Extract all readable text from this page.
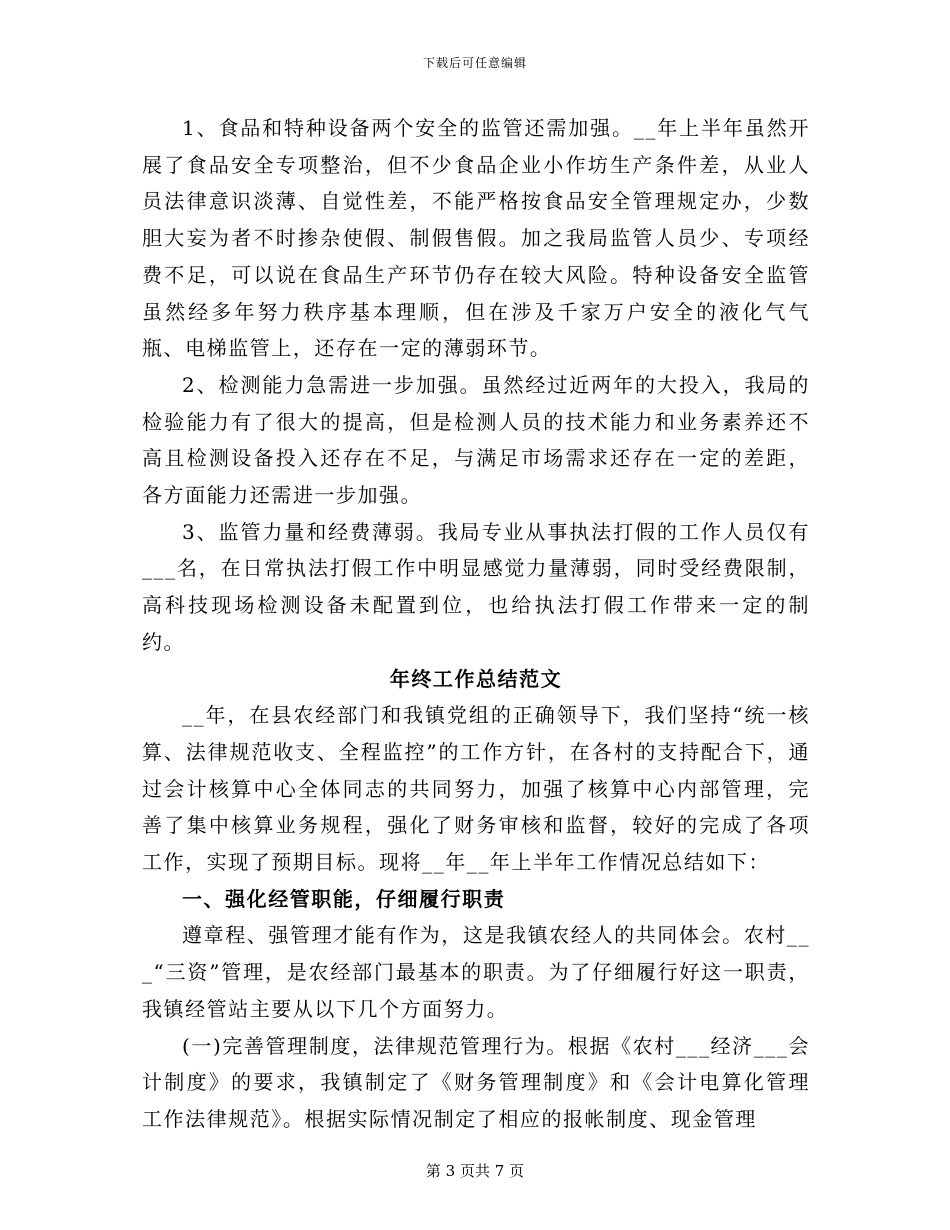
下载后可任意编辑

1、食品和特种设备两个安全的监管还需加强。__年上半年虽然开展了食品安全专项整治，但不少食品企业小作坊生产条件差，从业人员法律意识淡薄、自觉性差，不能严格按食品安全管理规定办，少数胆大妄为者不时掺杂使假、制假售假。加之我局监管人员少、专项经费不足，可以说在食品生产环节仍存在较大风险。特种设备安全监管虽然经多年努力秩序基本理顺，但在涉及千家万户安全的液化气气瓶、电梯监管上，还存在一定的薄弱环节。

2、检测能力急需进一步加强。虽然经过近两年的大投入，我局的检验能力有了很大的提高，但是检测人员的技术能力和业务素养还不高且检测设备投入还存在不足，与满足市场需求还存在一定的差距，各方面能力还需进一步加强。

3、监管力量和经费薄弱。我局专业从事执法打假的工作人员仅有___名，在日常执法打假工作中明显感觉力量薄弱，同时受经费限制，高科技现场检测设备未配置到位，也给执法打假工作带来一定的制约。

年终工作总结范文

__年，在县农经部门和我镇党组的正确领导下，我们坚持“统一核算、法律规范收支、全程监控”的工作方针，在各村的支持配合下，通过会计核算中心全体同志的共同努力，加强了核算中心内部管理，完善了集中核算业务规程，强化了财务审核和监督，较好的完成了各项工作，实现了预期目标。现将__年__年上半年工作情况总结如下：

一、强化经管职能，仔细履行职责

遵章程、强管理才能有作为，这是我镇农经人的共同体会。农村___“三资”管理，是农经部门最基本的职责。为了仔细履行好这一职责，我镇经管站主要从以下几个方面努力。

(一)完善管理制度，法律规范管理行为。根据《农村___经济___会计制度》的要求，我镇制定了《财务管理制度》和《会计电算化管理工作法律规范》。根据实际情况制定了相应的报帐制度、现金管理

第 3 页共 7 页
